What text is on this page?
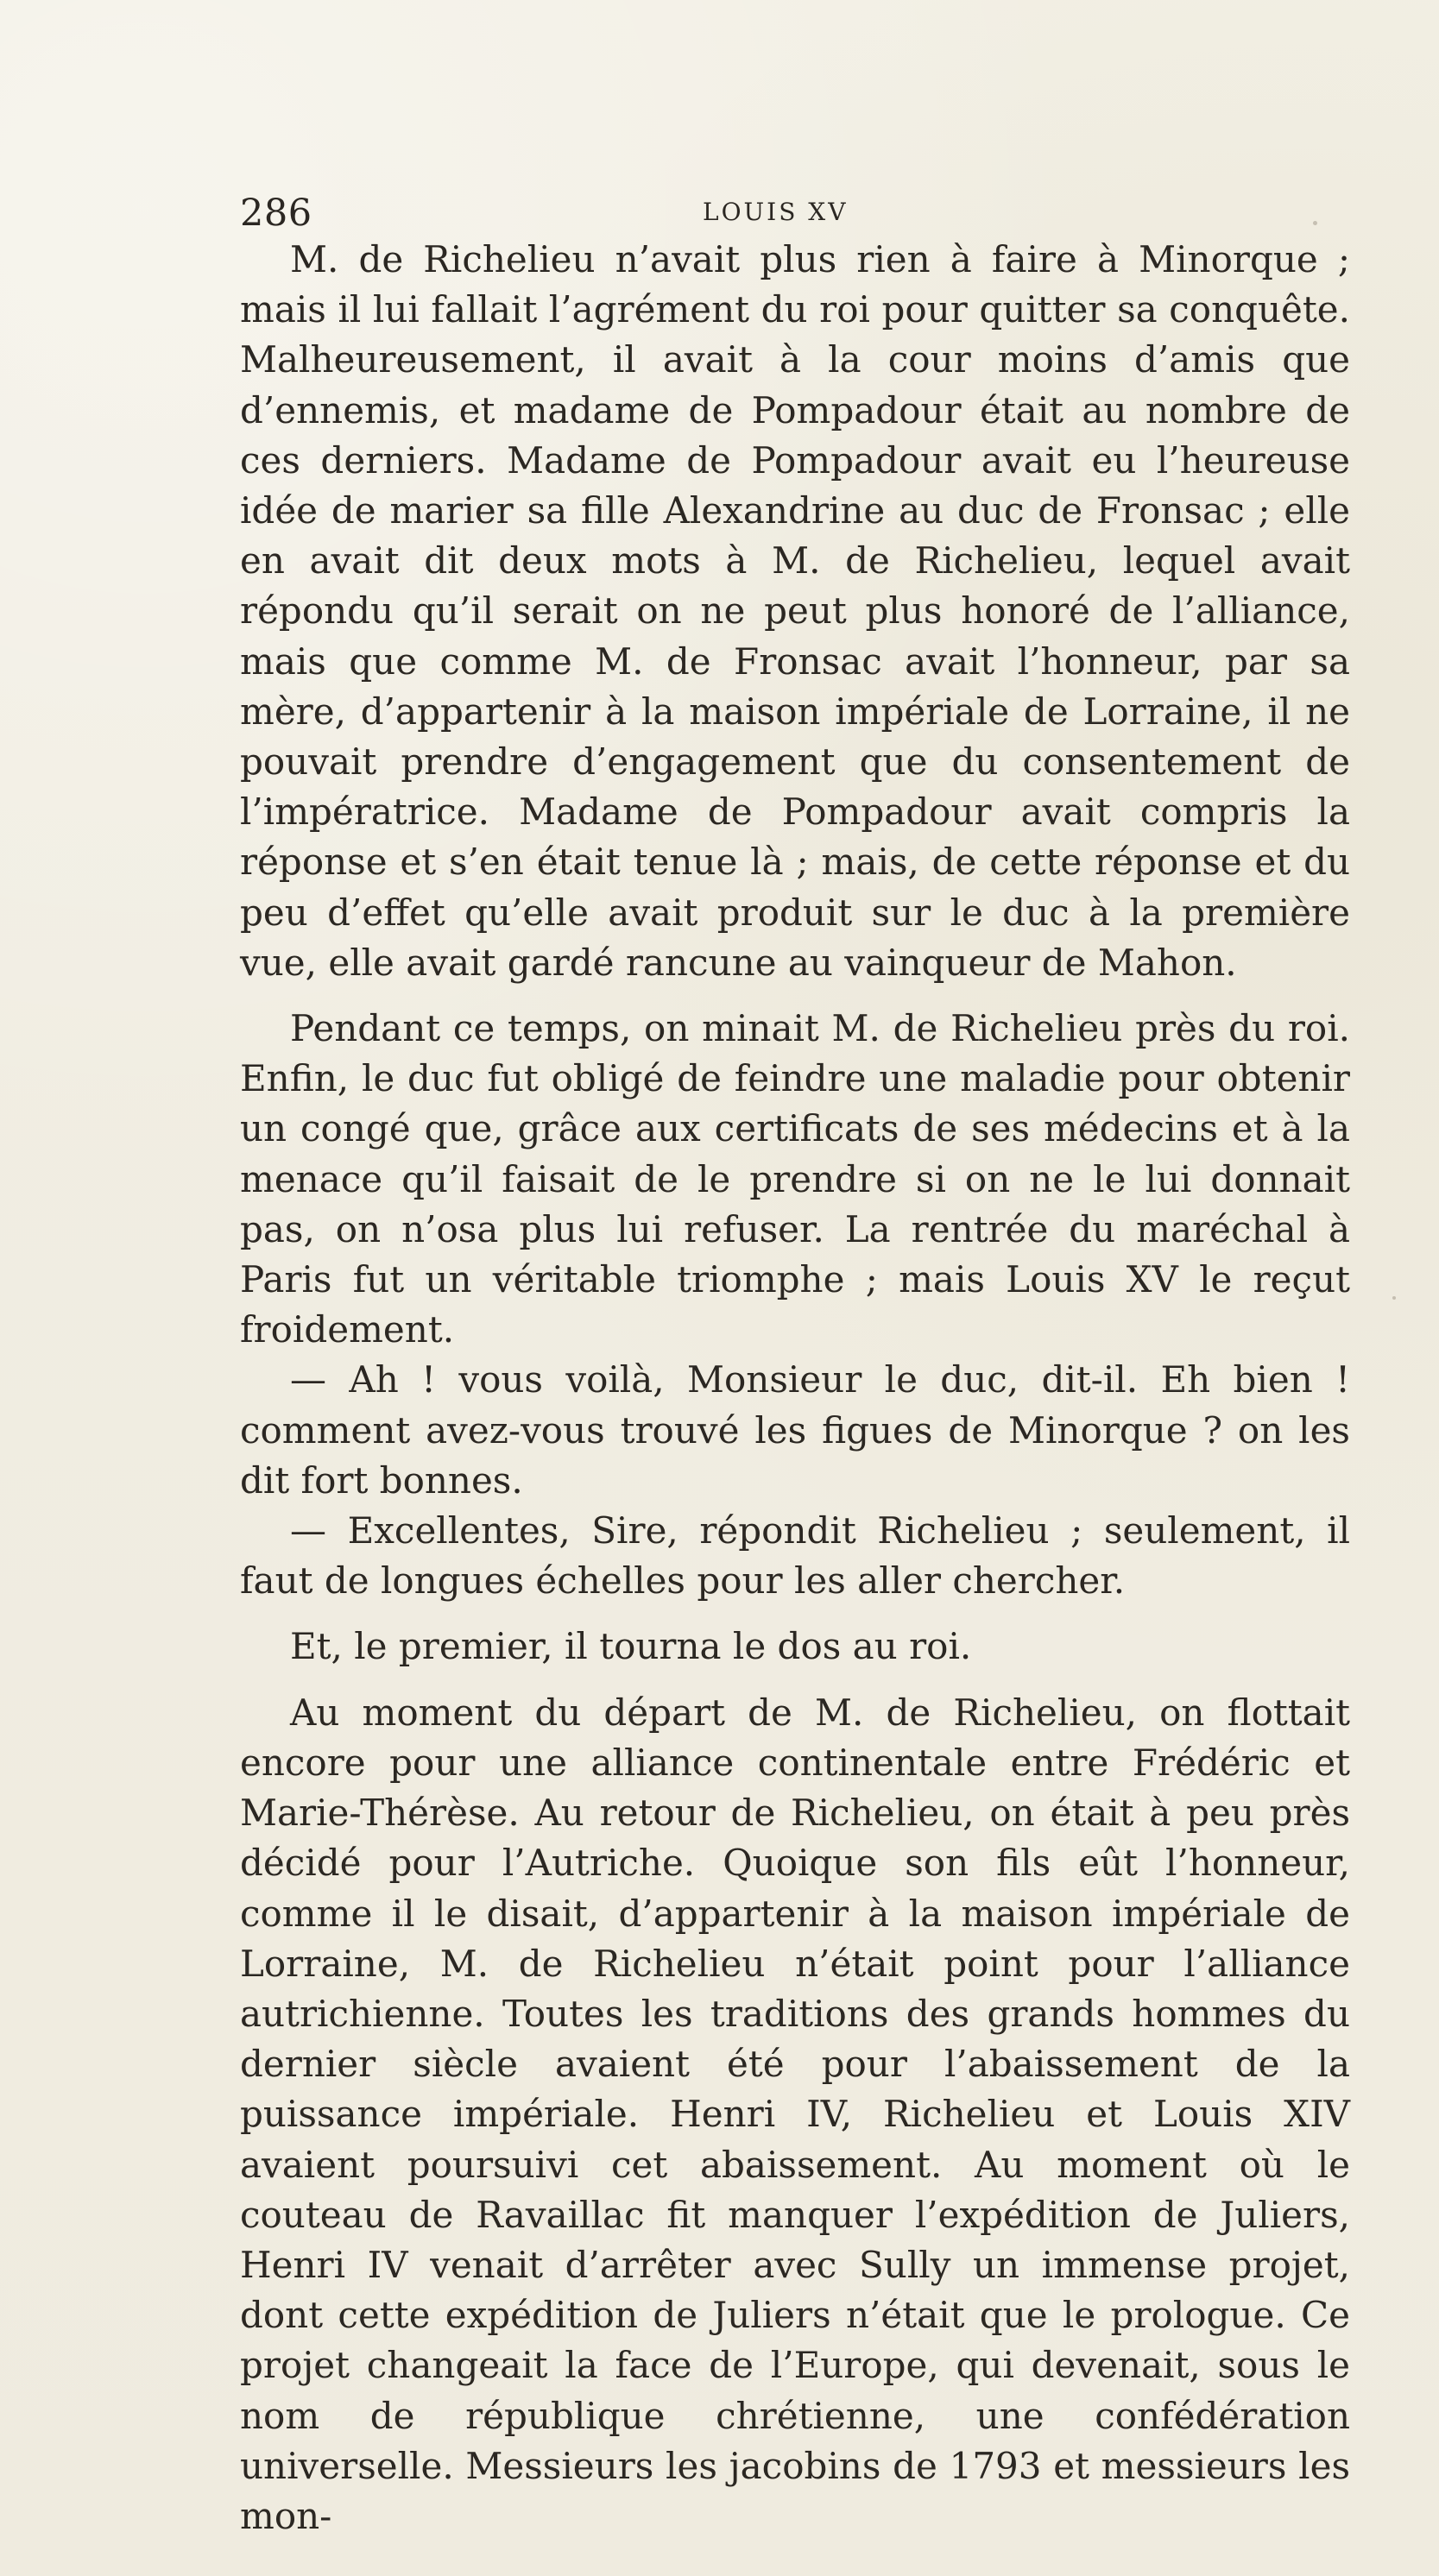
286	LOUIS XV

M. de Richelieu n’avait plus rien à faire à Minorque ; mais il lui fallait l’agrément du roi pour quitter sa conquête. Malheureusement, il avait à la cour moins d’amis que d’ennemis, et madame de Pompadour était au nombre de ces derniers. Madame de Pompadour avait eu l’heureuse idée de marier sa fille Alexandrine au duc de Fronsac ; elle en avait dit deux mots à M. de Richelieu, lequel avait répondu qu’il serait on ne peut plus honoré de l’alliance, mais que comme M. de Fronsac avait l’honneur, par sa mère, d’appartenir à la maison impériale de Lorraine, il ne pouvait prendre d’engagement que du consentement de l’impératrice. Madame de Pompadour avait compris la réponse et s’en était tenue là ; mais, de cette réponse et du peu d’effet qu’elle avait produit sur le duc à la première vue, elle avait gardé rancune au vainqueur de Mahon.

Pendant ce temps, on minait M. de Richelieu près du roi. Enfin, le duc fut obligé de feindre une maladie pour obtenir un congé que, grâce aux certificats de ses médecins et à la menace qu’il faisait de le prendre si on ne le lui donnait pas, on n’osa plus lui refuser. La rentrée du maréchal à Paris fut un véritable triomphe ; mais Louis XV le reçut froidement.

— Ah ! vous voilà, Monsieur le duc, dit-il. Eh bien ! comment avez-vous trouvé les figues de Minorque ? on les dit fort bonnes.

— Excellentes, Sire, répondit Richelieu ; seulement, il faut de longues échelles pour les aller chercher.

Et, le premier, il tourna le dos au roi.

Au moment du départ de M. de Richelieu, on flottait encore pour une alliance continentale entre Frédéric et Marie-Thérèse. Au retour de Richelieu, on était à peu près décidé pour l’Autriche. Quoique son fils eût l’honneur, comme il le disait, d’appartenir à la maison impériale de Lorraine, M. de Richelieu n’était point pour l’alliance autrichienne. Toutes les traditions des grands hommes du dernier siècle avaient été pour l’abaissement de la puissance impériale. Henri IV, Richelieu et Louis XIV avaient poursuivi cet abaissement. Au moment où le couteau de Ravaillac fit manquer l’expédition de Juliers, Henri IV venait d’arrêter avec Sully un immense projet, dont cette expédition de Juliers n’était que le prologue. Ce projet changeait la face de l’Europe, qui devenait, sous le nom de république chrétienne, une confédération universelle. Messieurs les jacobins de 1793 et messieurs les mon-
